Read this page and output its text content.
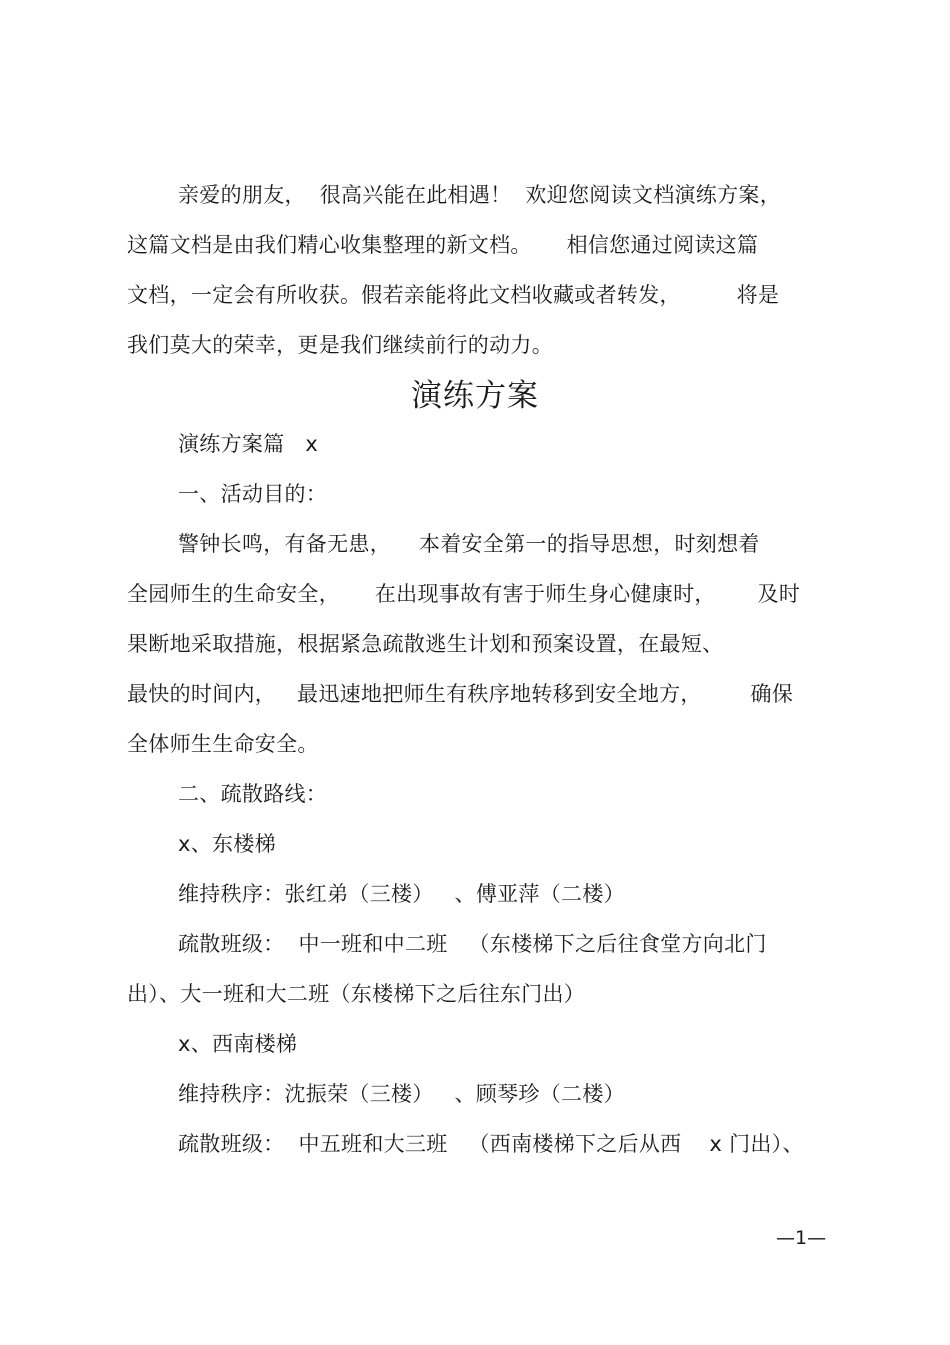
亲爱的朋友，  很高兴能在此相遇！  欢迎您阅读文档演练方案，
这篇文档是由我们精心收集整理的新文档。     相信您通过阅读这篇
文档，一定会有所收获。假若亲能将此文档收藏或者转发，        将是
我们莫大的荣幸，更是我们继续前行的动力。
演练方案
演练方案篇   x
一、活动目的：
警钟长鸣，有备无患，    本着安全第一的指导思想，时刻想着
全园师生的生命安全，     在出现事故有害于师生身心健康时，      及时
果断地采取措施，根据紧急疏散逃生计划和预案设置，在最短、
最快的时间内，   最迅速地把师生有秩序地转移到安全地方，       确保
全体师生生命安全。
二、疏散路线：
x、东楼梯
维持秩序：张红弟（三楼）   、傅亚萍（二楼）
疏散班级：  中一班和中二班   （东楼梯下之后往食堂方向北门
出）、大一班和大二班（东楼梯下之后往东门出）
x、西南楼梯
维持秩序：沈振荣（三楼）   、顾琴珍（二楼）
疏散班级：  中五班和大三班   （西南楼梯下之后从西    x 门出）、
—1—
